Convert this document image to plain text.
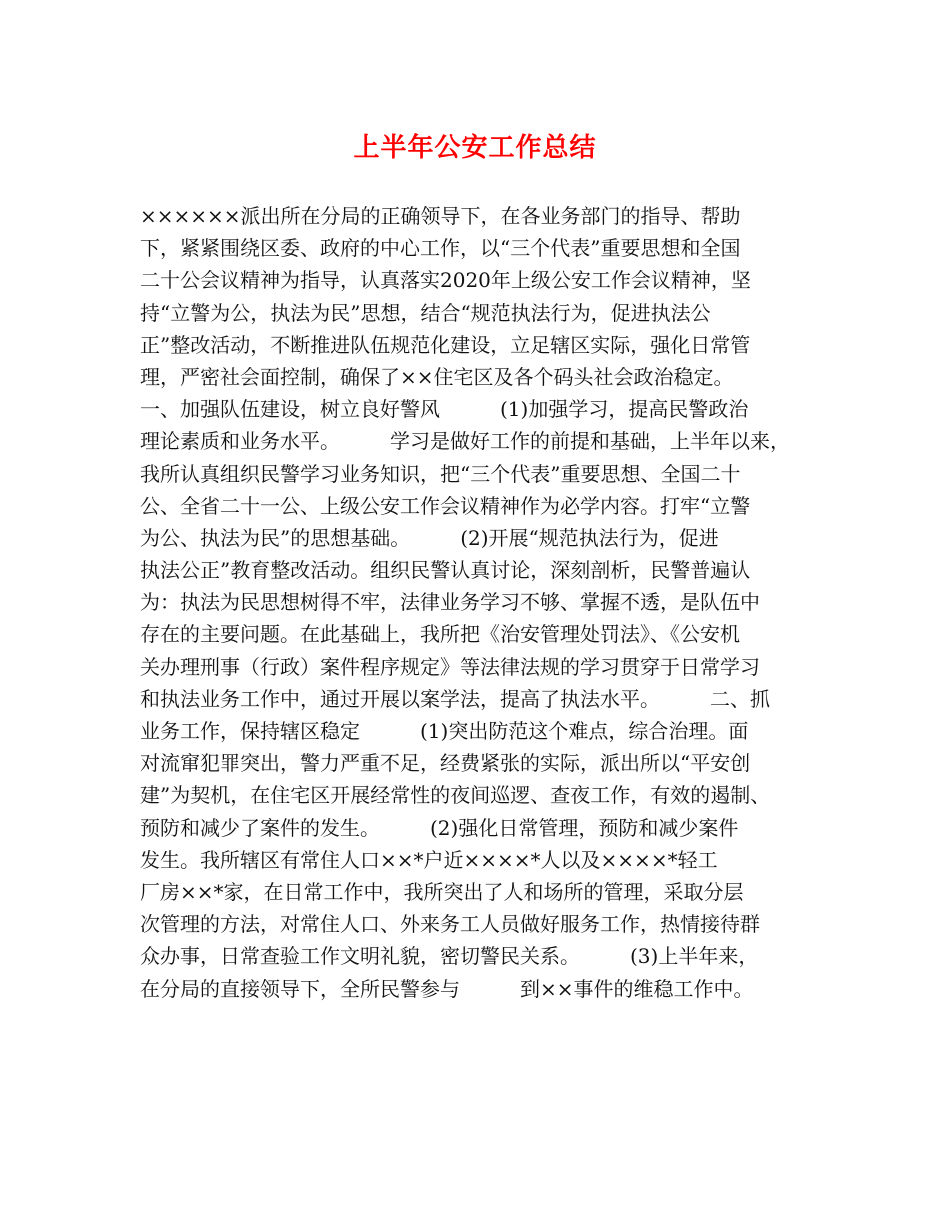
上半年公安工作总结
××××××派出所在分局的正确领导下，在各业务部门的指导、帮助
下，紧紧围绕区委、政府的中心工作，以“三个代表”重要思想和全国
二十公会议精神为指导，认真落实2020年上级公安工作会议精神，坚
持“立警为公，执法为民”思想，结合“规范执法行为，促进执法公
正”整改活动，不断推进队伍规范化建设，立足辖区实际，强化日常管
理，严密社会面控制，确保了××住宅区及各个码头社会政治稳定。
一、加强队伍建设，树立良好警风　　　(1)加强学习，提高民警政治
理论素质和业务水平。　　　学习是做好工作的前提和基础，上半年以来，
我所认真组织民警学习业务知识，把“三个代表”重要思想、全国二十
公、全省二十一公、上级公安工作会议精神作为必学内容。打牢“立警
为公、执法为民”的思想基础。　　　(2)开展“规范执法行为，促进
执法公正”教育整改活动。组织民警认真讨论，深刻剖析，民警普遍认
为：执法为民思想树得不牢，法律业务学习不够、掌握不透，是队伍中
存在的主要问题。在此基础上，我所把《治安管理处罚法》、《公安机
关办理刑事（行政）案件程序规定》等法律法规的学习贯穿于日常学习
和执法业务工作中，通过开展以案学法，提高了执法水平。　　　二、抓
业务工作，保持辖区稳定　　　(1)突出防范这个难点，综合治理。面
对流窜犯罪突出，警力严重不足，经费紧张的实际，派出所以“平安创
建”为契机，在住宅区开展经常性的夜间巡逻、查夜工作，有效的遏制、
预防和减少了案件的发生。　　　(2)强化日常管理，预防和减少案件
发生。我所辖区有常住人口××*户近××××*人以及××××*轻工
厂房××*家，在日常工作中，我所突出了人和场所的管理，采取分层
次管理的方法，对常住人口、外来务工人员做好服务工作，热情接待群
众办事，日常查验工作文明礼貌，密切警民关系。　　　(3)上半年来，
在分局的直接领导下，全所民警参与　　　到××事件的维稳工作中。
